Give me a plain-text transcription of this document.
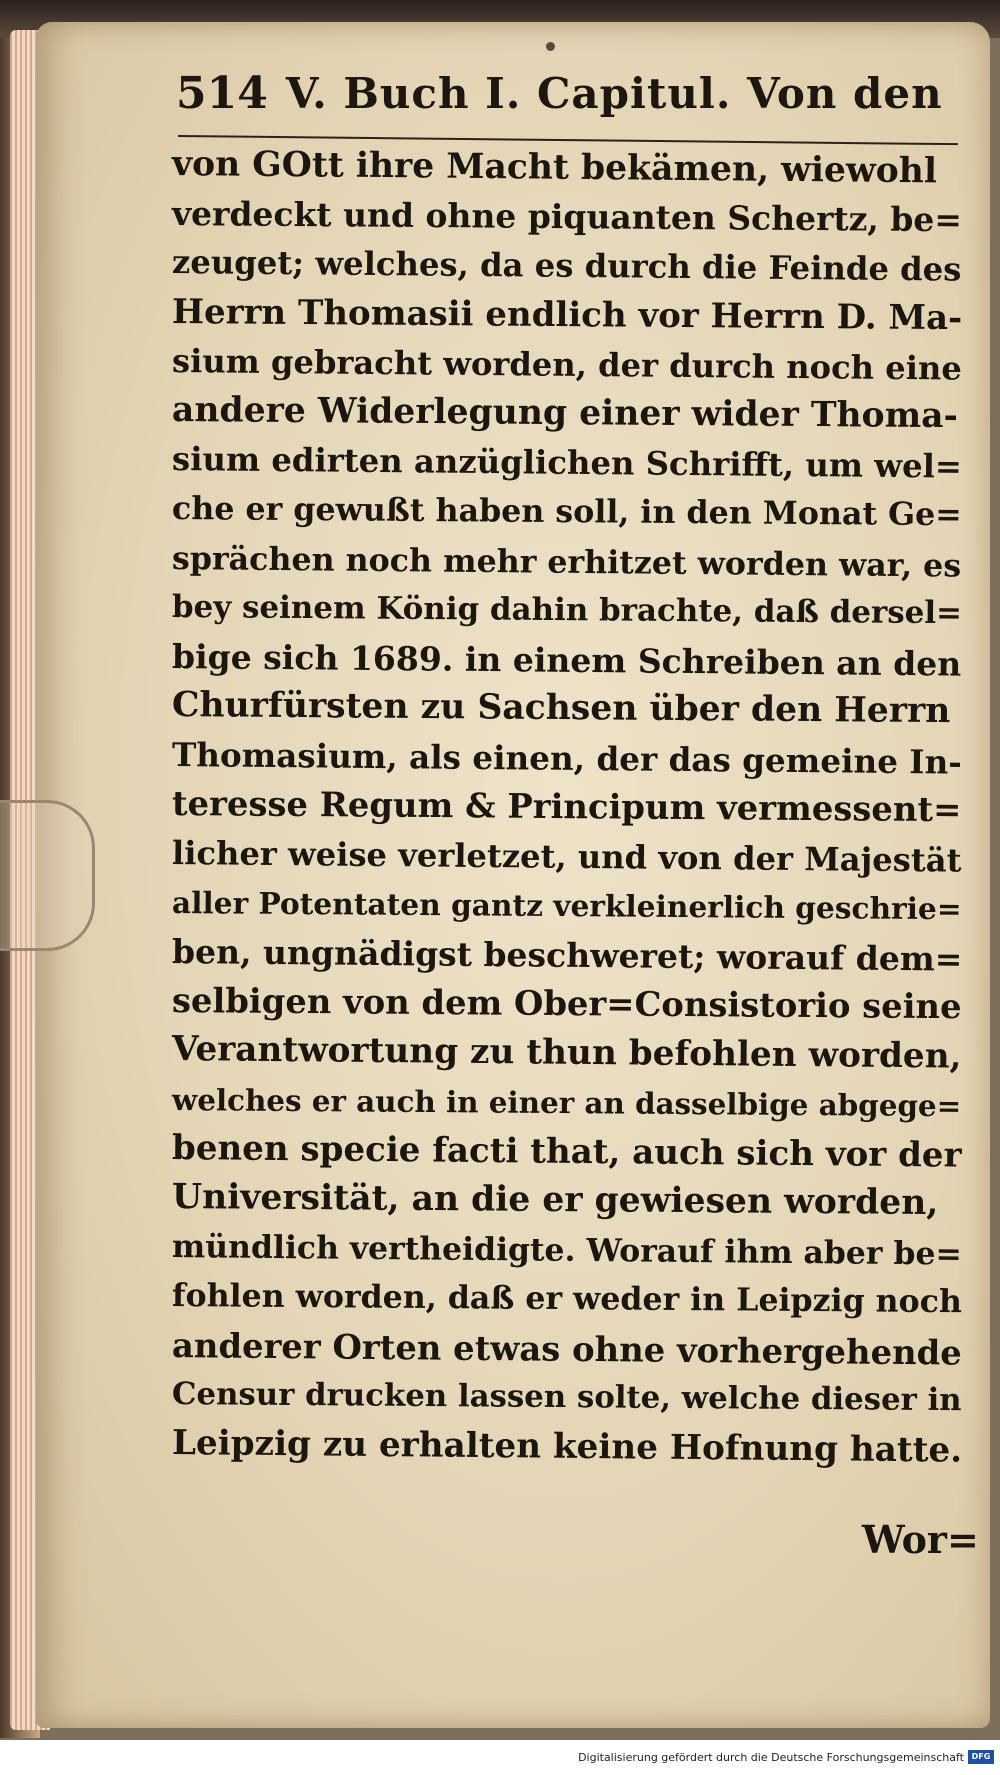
514 V. Buch I. Capitul. Von den
von GOtt ihre Macht bekämen, wiewohl
verdeckt und ohne piquanten Schertz, be=
zeuget; welches, da es durch die Feinde des
Herrn Thomasii endlich vor Herrn D. Ma-
sium gebracht worden, der durch noch eine
andere Widerlegung einer wider Thoma-
sium edirten anzüglichen Schrifft, um wel=
che er gewußt haben soll, in den Monat Ge=
sprächen noch mehr erhitzet worden war, es
bey seinem König dahin brachte, daß dersel=
bige sich 1689. in einem Schreiben an den
Churfürsten zu Sachsen über den Herrn
Thomasium, als einen, der das gemeine In-
teresse Regum & Principum vermessent=
licher weise verletzet, und von der Majestät
aller Potentaten gantz verkleinerlich geschrie=
ben, ungnädigst beschweret; worauf dem=
selbigen von dem Ober=Consistorio seine
Verantwortung zu thun befohlen worden,
welches er auch in einer an dasselbige abgege=
benen specie facti that, auch sich vor der
Universität, an die er gewiesen worden,
mündlich vertheidigte. Worauf ihm aber be=
fohlen worden, daß er weder in Leipzig noch
anderer Orten etwas ohne vorhergehende
Censur drucken lassen solte, welche dieser in
Leipzig zu erhalten keine Hofnung hatte.
Wor=
Digitalisierung gefördert durch die Deutsche Forschungsgemeinschaft DFG
